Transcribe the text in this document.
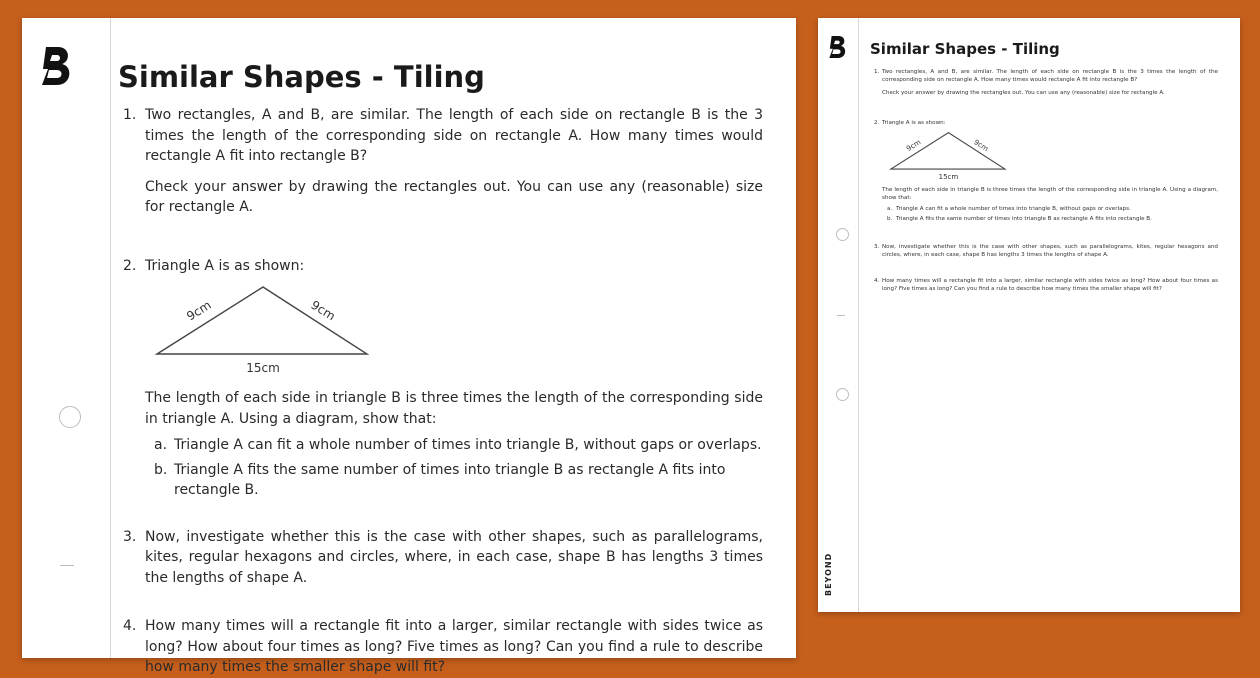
Similar Shapes - Tiling
1. Two rectangles, A and B, are similar. The length of each side on rectangle B is the 3 times the length of the corresponding side on rectangle A. How many times would rectangle A fit into rectangle B?

Check your answer by drawing the rectangles out. You can use any (reasonable) size for rectangle A.

2. Triangle A is as shown:

9cm	9cm
15cm

The length of each side in triangle B is three times the length of the corresponding side in triangle A. Using a diagram, show that:

a. Triangle A can fit a whole number of times into triangle B, without gaps or overlaps.
b. Triangle A fits the same number of times into triangle B as rectangle A fits into rectangle B.
3. Now, investigate whether this is the case with other shapes, such as parallelograms, kites, regular hexagons and circles, where, in each case, shape B has lengths 3 times the lengths of shape A.

4. How many times will a rectangle fit into a larger, similar rectangle with sides twice as long? How about four times as long? Five times as long? Can you find a rule to describe how many times the smaller shape will fit?

BEYOND
Similar Shapes - Tiling
1. Two rectangles, A and B, are similar. The length of each side on rectangle B is the 3 times the length of the corresponding side on rectangle A. How many times would rectangle A fit into rectangle B?

Check your answer by drawing the rectangles out. You can use any (reasonable) size for rectangle A.

2. Triangle A is as shown:

9cm	9cm
15cm

The length of each side in triangle B is three times the length of the corresponding side in triangle A. Using a diagram, show that:

a. Triangle A can fit a whole number of times into triangle B, without gaps or overlaps.
b. Triangle A fits the same number of times into triangle B as rectangle A fits into rectangle B.
3. Now, investigate whether this is the case with other shapes, such as parallelograms, kites, regular hexagons and circles, where, in each case, shape B has lengths 3 times the lengths of shape A.

4. How many times will a rectangle fit into a larger, similar rectangle with sides twice as long? How about four times as long? Five times as long? Can you find a rule to describe how many times the smaller shape will fit?
